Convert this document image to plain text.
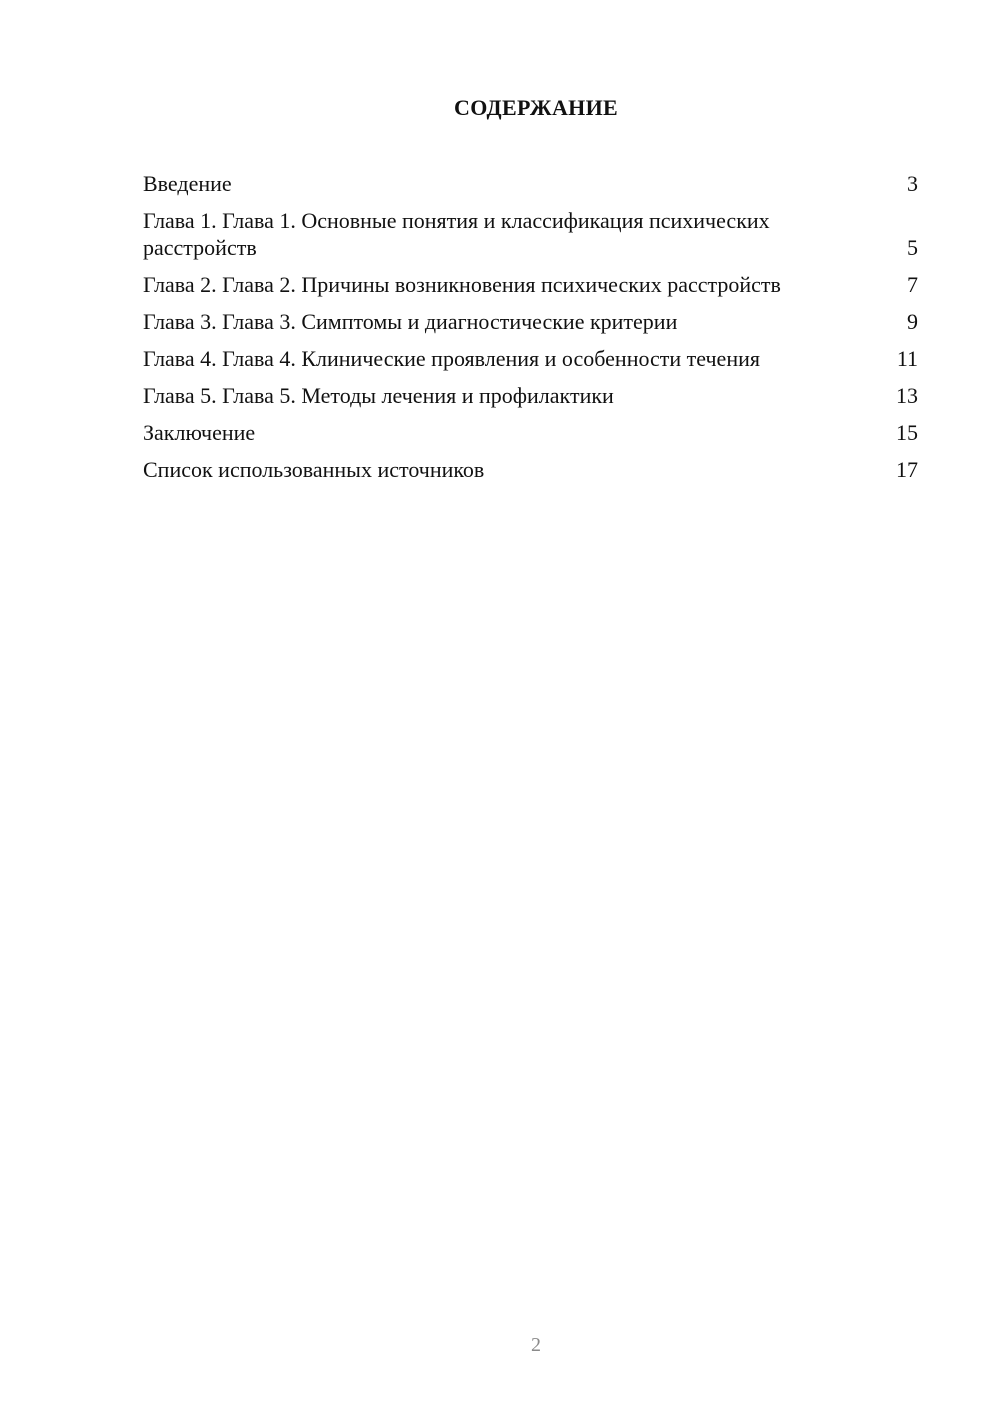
СОДЕРЖАНИЕ
Введение	3
Глава 1. Глава 1. Основные понятия и классификация психических расстройств	5
Глава 2. Глава 2. Причины возникновения психических расстройств	7
Глава 3. Глава 3. Симптомы и диагностические критерии	9
Глава 4. Глава 4. Клинические проявления и особенности течения	11
Глава 5. Глава 5. Методы лечения и профилактики	13
Заключение	15
Список использованных источников	17
2
